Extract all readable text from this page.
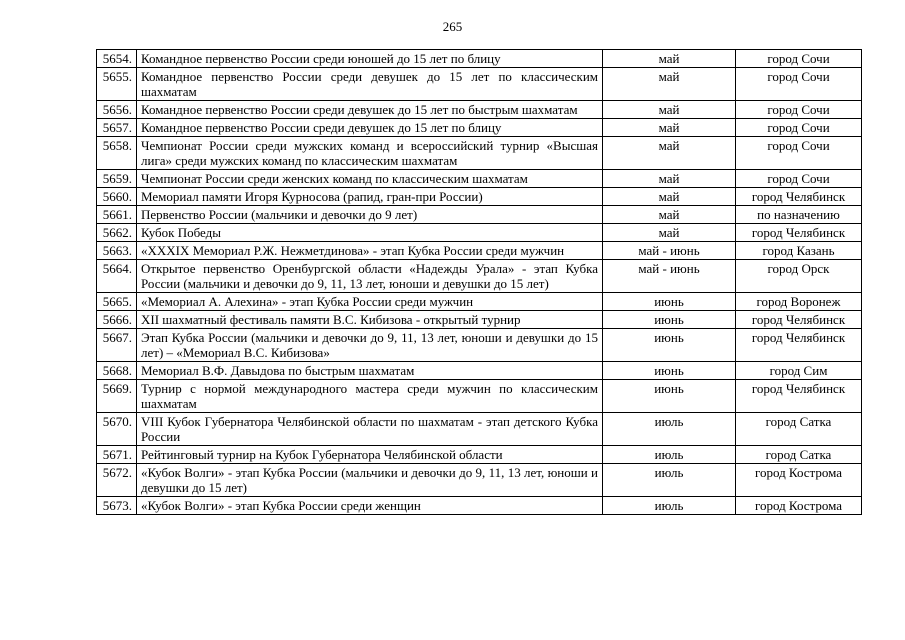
265
5654.	Командное первенство России среди юношей до 15 лет по блицу	май	город Сочи
5655.	Командное первенство России среди девушек до 15 лет по классическим шахматам	май	город Сочи
5656.	Командное первенство России среди девушек до 15 лет по быстрым шахматам	май	город Сочи
5657.	Командное первенство России среди девушек до 15 лет по блицу	май	город Сочи
5658.	Чемпионат России среди мужских команд и всероссийский турнир «Высшая лига» среди мужских команд по классическим шахматам	май	город Сочи
5659.	Чемпионат России среди женских команд по классическим шахматам	май	город Сочи
5660.	Мемориал памяти Игоря Курносова (рапид, гран-при России)	май	город Челябинск
5661.	Первенство России (мальчики и девочки до 9 лет)	май	по назначению
5662.	Кубок Победы	май	город Челябинск
5663.	«XXXIX Мемориал Р.Ж. Нежметдинова» - этап Кубка России среди мужчин	май - июнь	город Казань
5664.	Открытое первенство Оренбургской области «Надежды Урала» - этап Кубка России (мальчики и девочки до 9, 11, 13 лет, юноши и девушки до 15 лет)	май - июнь	город Орск
5665.	«Мемориал А. Алехина» - этап Кубка России среди мужчин	июнь	город Воронеж
5666.	XII шахматный фестиваль памяти В.С. Кибизова - открытый турнир	июнь	город Челябинск
5667.	Этап Кубка России (мальчики и девочки до 9, 11, 13 лет, юноши и девушки до 15 лет) – «Мемориал В.С. Кибизова»	июнь	город Челябинск
5668.	Мемориал В.Ф. Давыдова по быстрым шахматам	июнь	город Сим
5669.	Турнир с нормой международного мастера среди мужчин по классическим шахматам	июнь	город Челябинск
5670.	VIII Кубок Губернатора Челябинской области по шахматам - этап детского Кубка России	июль	город Сатка
5671.	Рейтинговый турнир на Кубок Губернатора Челябинской области	июль	город Сатка
5672.	«Кубок Волги» - этап Кубка России (мальчики и девочки до 9, 11, 13 лет, юноши и девушки до 15 лет)	июль	город Кострома
5673.	«Кубок Волги» - этап Кубка России среди женщин	июль	город Кострома
